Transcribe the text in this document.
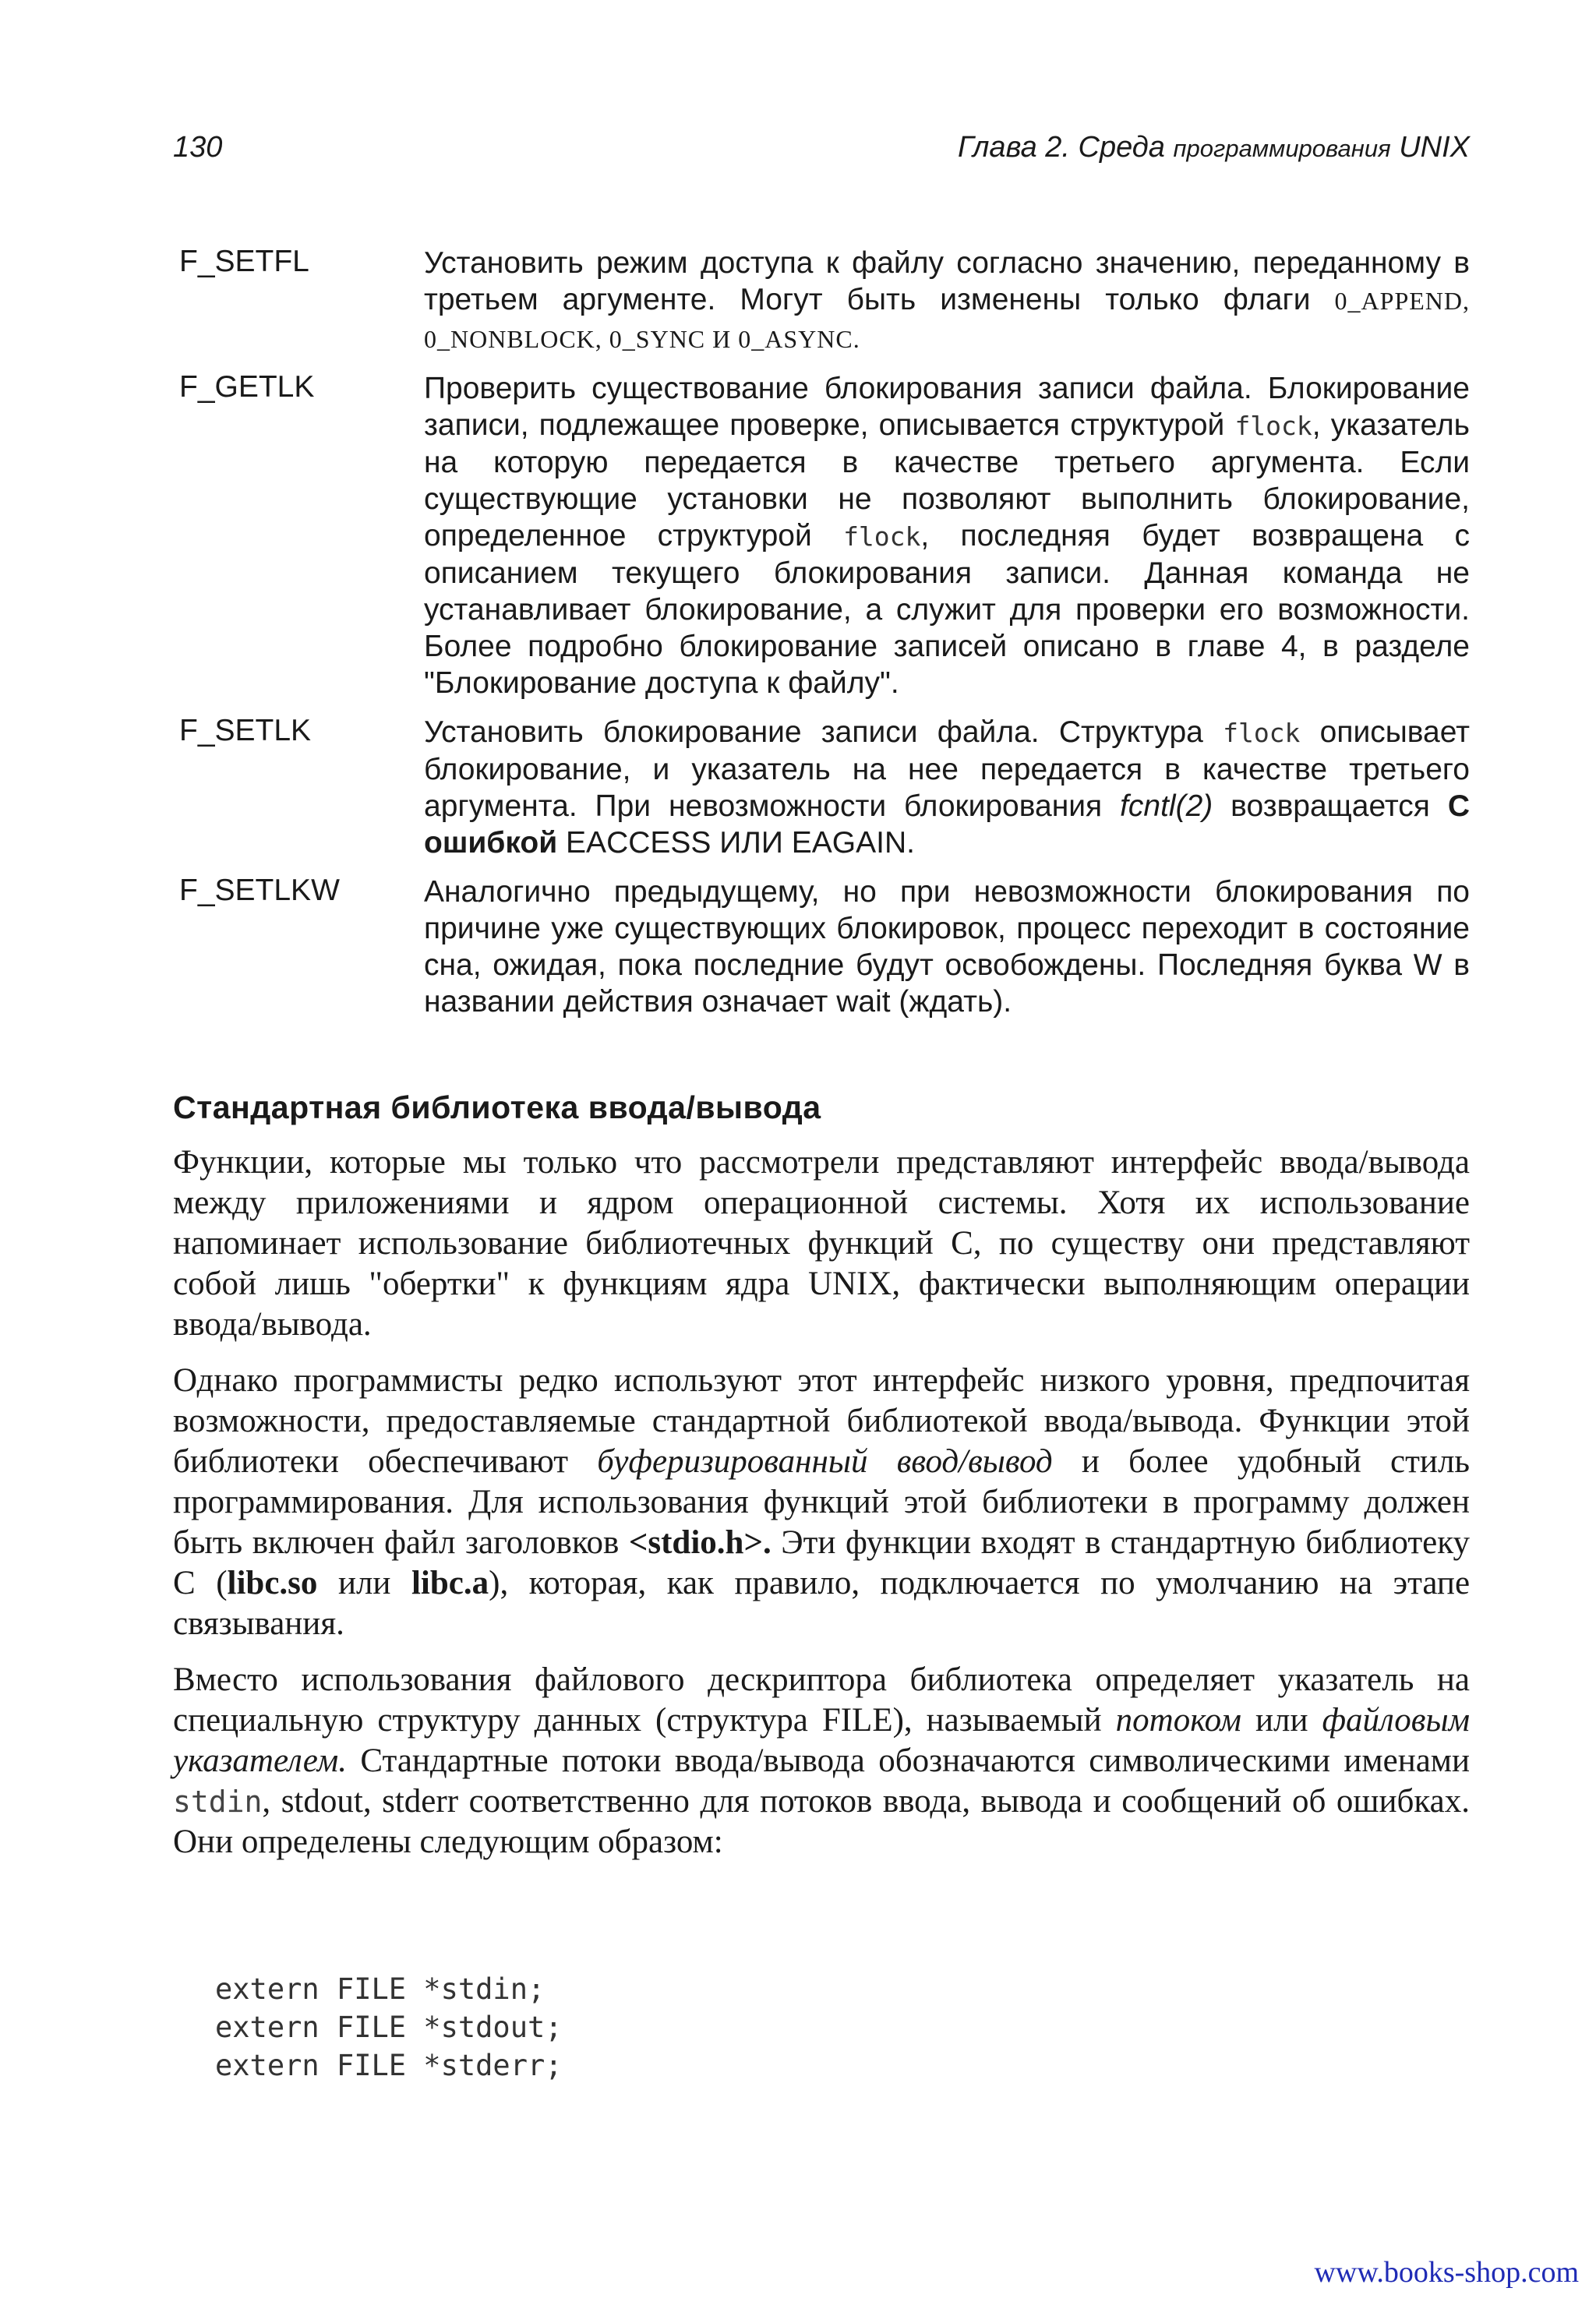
130	Глава 2. Среда программирования UNIX
F_SETFL	Установить режим доступа к файлу согласно значению, переданному в третьем аргументе. Могут быть изменены только флаги 0_APPEND, 0_NONBLOCK, 0_SYNC И 0_ASYNC.
F_GETLK	Проверить существование блокирования записи файла. Блокирование записи, подлежащее проверке, описывается структурой flock, указатель на которую передается в качестве третьего аргумента. Если существующие установки не позволяют выполнить блокирование, определенное структурой flock, последняя будет возвращена с описанием текущего блокирования записи. Данная команда не устанавливает блокирование, а служит для проверки его возможности. Более подробно блокирование записей описано в главе 4, в разделе "Блокирование доступа к файлу".
F_SETLK	Установить блокирование записи файла. Структура flock описывает блокирование, и указатель на нее передается в качестве третьего аргумента. При невозможности блокирования fcntl(2) возвращается С ошибкой EACCESS ИЛИ EAGAIN.
F_SETLKW	Аналогично предыдущему, но при невозможности блокирования по причине уже существующих блокировок, процесс переходит в состояние сна, ожидая, пока последние будут освобождены. Последняя буква W в названии действия означает wait (ждать).
Стандартная библиотека ввода/вывода

Функции, которые мы только что рассмотрели представляют интерфейс ввода/вывода между приложениями и ядром операционной системы. Хотя их использование напоминает использование библиотечных функций С, по существу они представляют собой лишь "обертки" к функциям ядра UNIX, фактически выполняющим операции ввода/вывода.

Однако программисты редко используют этот интерфейс низкого уровня, предпочитая возможности, предоставляемые стандартной библиотекой ввода/вывода. Функции этой библиотеки обеспечивают буферизированный ввод/вывод и более удобный стиль программирования. Для использования функций этой библиотеки в программу должен быть включен файл заголовков <stdio.h>. Эти функции входят в стандартную библиотеку С (libc.so или libc.a), которая, как правило, подключается по умолчанию на этапе связывания.

Вместо использования файлового дескриптора библиотека определяет указатель на специальную структуру данных (структура FILE), называемый потоком или файловым указателем. Стандартные потоки ввода/вывода обозначаются символическими именами stdin, stdout, stderr соответственно для потоков ввода, вывода и сообщений об ошибках. Они определены следующим образом:

extern FILE *stdin;
extern FILE *stdout;
extern FILE *stderr;
www.books-shop.com
